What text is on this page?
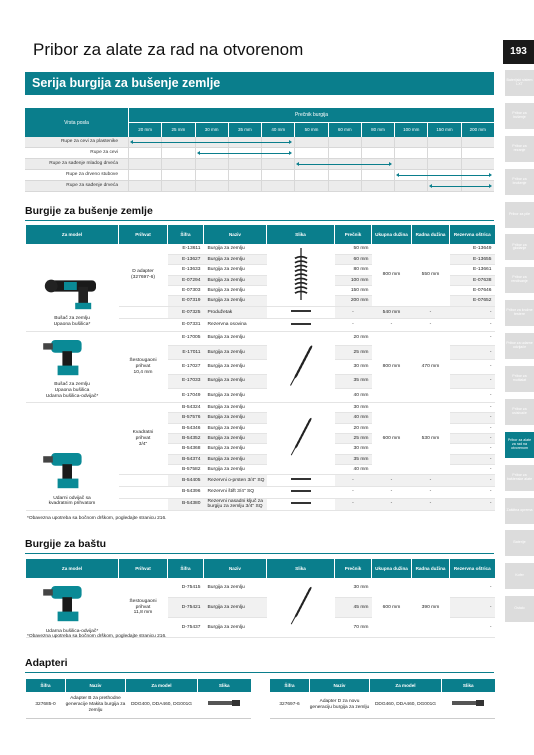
Pribor za alate za rad na otvorenom	193
Baterijski sistem LXT
Pribor za bušenje
Pribor za rezanje
Pribor za brušenje
Pribor za pile
Pribor za glodanje
Pribor za rendisanje
Pribor za kružne testere
Pribor za udarne odvijače
Pribor za multialat
Pribor za usisivače
Pribor za alate za rad na otvorenom
Pribor za baštenske alate
Zaštitna oprema
Baterije
Kofer
Ostalo
Serija burgija za bušenje zemlje
Vrsta posla
Prečnik burgija
20 mm	25 mm	30 mm	35 mm	40 mm	50 mm	60 mm	80 mm	100 mm	150 mm	200 mm
Rupe za cevi za plastenike
Rupe za cevi
Rupe za sađenje mladog drveća
Rupe za drveno stubove
Rupe za sađenje drveća
Burgije za bušenje zemlje
Za model	Prihvat	Šifra	Naziv	Slika	Prečnik	Ukupna dužina	Radna dužina	Rezervna oštrica

Bušač za zemlju
Upaona bušilica*	D adapter
(327697-6)	E-13611	Burgija za zemlju		50 mm	800 mm	550 mm	E-13649
		E-13627	Burgija za zemlju		60 mm			E-13655
		E-13633	Burgija za zemlju		80 mm			E-13661
		E-07294	Burgija za zemlju		100 mm			E-07638
		E-07303	Burgija za zemlju		150 mm			E-07646
		E-07319	Burgija za zemlju		200 mm			E-07652
		E-07325	Produžetak		-	540 mm	-	-
		E-07331	Rezervna osovina		-	-	-	-

Bušač za zemlju
Upaona bušilica
Udarna bušilica-odvijač*	Šestougaoni
prihvat
10,4 mm	E-17005	Burgija za zemlju		20 mm	800 mm	470 mm	-
		E-17011	Burgija za zemlju		25 mm			-
		E-17027	Burgija za zemlju		30 mm			-
		E-17033	Burgija za zemlju		35 mm			-
		E-17049	Burgija za zemlju		40 mm			-

Udarni odvijač sa
kvadratnim prihvatom	Kvadratni
prihvat
3/4"	B-54324	Burgija za zemlju		30 mm	600 mm	530 mm	-
		B-57576	Burgija za zemlju		40 mm			-
		B-54346	Burgija za zemlju		20 mm			-
		B-54352	Burgija za zemlju		25 mm			-
		B-54368	Burgija za zemlju		30 mm			-
		B-54374	Burgija za zemlju		35 mm			-
		B-57582	Burgija za zemlju		40 mm			-
		B-54405	Rezervni o-prsten 3/4" SQ		-	-	-	-
		B-54396	Rezervni štift 3/4" SQ		-	-	-	-
		B-54380	Rezervni nasadni ključ za burgiju za zemlju 3/4" SQ		-	-	-	-
*Obavezna upotreba sa bočnom drškom, pogledajte stranicu 216.
Burgije za baštu
Za model	Prihvat	Šifra	Naziv	Slika	Prečnik	Ukupna dužina	Radna dužina	Rezervna oštrica

Udarna bušilica-odvijač*	Šestougaoni
prihvat
11,8 mm	D-75415	Burgija za zemlju		30 mm	600 mm	390 mm	-
		D-75421	Burgija za zemlju		45 mm			-
		D-75437	Burgija za zemlju		70 mm			-
*Obavezna upotreba sa bočnom drškom, pogledajte stranicu 216.
Adapteri
Šifra	Naziv	Za model	Slika
327685-0	Adapter B za prethodne generacije Makita burgija za zemlju	DDG400, DDA460, DG001G	
Šifra	Naziv	Za model	Slika
327697-6	Adapter D za novu generaciju burgija za zemlju	DDG460, DDA460, DG001G	
